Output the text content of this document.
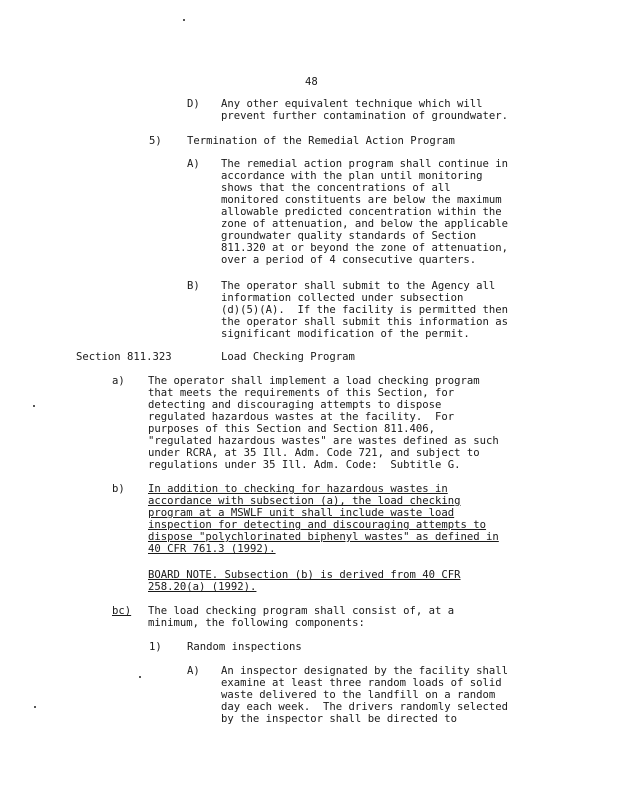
48
D) Any other equivalent technique which will
prevent further contamination of groundwater.
5) Termination of the Remedial Action Program
A) The remedial action program shall continue in
accordance with the plan until monitoring
shows that the concentrations of all
monitored constituents are below the maximum
allowable predicted concentration within the
zone of attenuation, and below the applicable
groundwater quality standards of Section
811.320 at or beyond the zone of attenuation,
over a period of 4 consecutive quarters.
B) The operator shall submit to the Agency all
information collected under subsection
(d)(5)(A).  If the facility is permitted then
the operator shall submit this information as
significant modification of the permit.
Section 811.323	Load Checking Program
a) The operator shall implement a load checking program
that meets the requirements of this Section, for
detecting and discouraging attempts to dispose
regulated hazardous wastes at the facility.  For
purposes of this Section and Section 811.406,
"regulated hazardous wastes" are wastes defined as such
under RCRA, at 35 Ill. Adm. Code 721, and subject to
regulations under 35 Ill. Adm. Code:  Subtitle G.
b) In addition to checking for hazardous wastes in
accordance with subsection (a), the load checking
program at a MSWLF unit shall include waste load
inspection for detecting and discouraging attempts to
dispose "polychlorinated biphenyl wastes" as defined in
40 CFR 761.3 (1992).
BOARD NOTE. Subsection (b) is derived from 40 CFR
258.20(a) (1992).
bc) The load checking program shall consist of, at a
minimum, the following components:
1) Random inspections
A) An inspector designated by the facility shall
examine at least three random loads of solid
waste delivered to the landfill on a random
day each week.  The drivers randomly selected
by the inspector shall be directed to
